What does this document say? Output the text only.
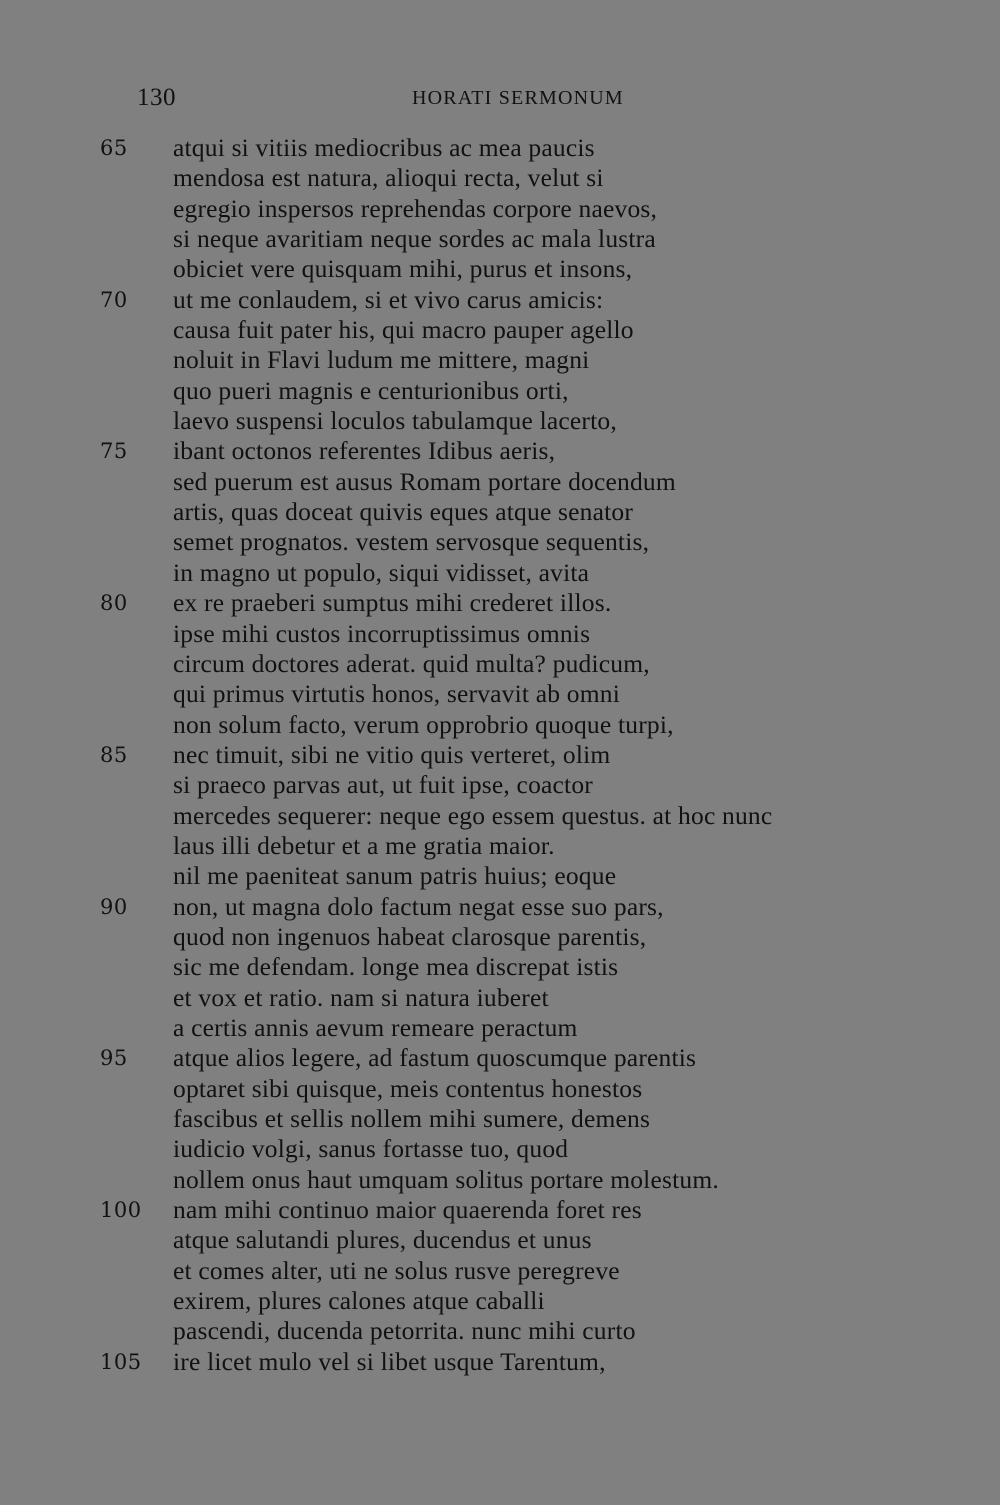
130	HORATI SERMONUM
65 atqui si vitiis mediocribus ac mea paucis
mendosa est natura, alioqui recta, velut si
egregio inspersos reprehendas corpore naevos,
si neque avaritiam neque sordes ac mala lustra
obiciet vere quisquam mihi, purus et insons,
70 ut me conlaudem, si et vivo carus amicis:
causa fuit pater his, qui macro pauper agello
noluit in Flavi ludum me mittere, magni
quo pueri magnis e centurionibus orti,
laevo suspensi loculos tabulamque lacerto,
75 ibant octonos referentes Idibus aeris,
sed puerum est ausus Romam portare docendum
artis, quas doceat quivis eques atque senator
semet prognatos. vestem servosque sequentis,
in magno ut populo, siqui vidisset, avita
80 ex re praeberi sumptus mihi crederet illos.
ipse mihi custos incorruptissimus omnis
circum doctores aderat. quid multa? pudicum,
qui primus virtutis honos, servavit ab omni
non solum facto, verum opprobrio quoque turpi,
85 nec timuit, sibi ne vitio quis verteret, olim
si praeco parvas aut, ut fuit ipse, coactor
mercedes sequerer: neque ego essem questus. at hoc nunc
laus illi debetur et a me gratia maior.
nil me paeniteat sanum patris huius; eoque
90 non, ut magna dolo factum negat esse suo pars,
quod non ingenuos habeat clarosque parentis,
sic me defendam. longe mea discrepat istis
et vox et ratio. nam si natura iuberet
a certis annis aevum remeare peractum
95 atque alios legere, ad fastum quoscumque parentis
optaret sibi quisque, meis contentus honestos
fascibus et sellis nollem mihi sumere, demens
iudicio volgi, sanus fortasse tuo, quod
nollem onus haut umquam solitus portare molestum.
100 nam mihi continuo maior quaerenda foret res
atque salutandi plures, ducendus et unus
et comes alter, uti ne solus rusve peregreve
exirem, plures calones atque caballi
pascendi, ducenda petorrita. nunc mihi curto
105 ire licet mulo vel si libet usque Tarentum,
